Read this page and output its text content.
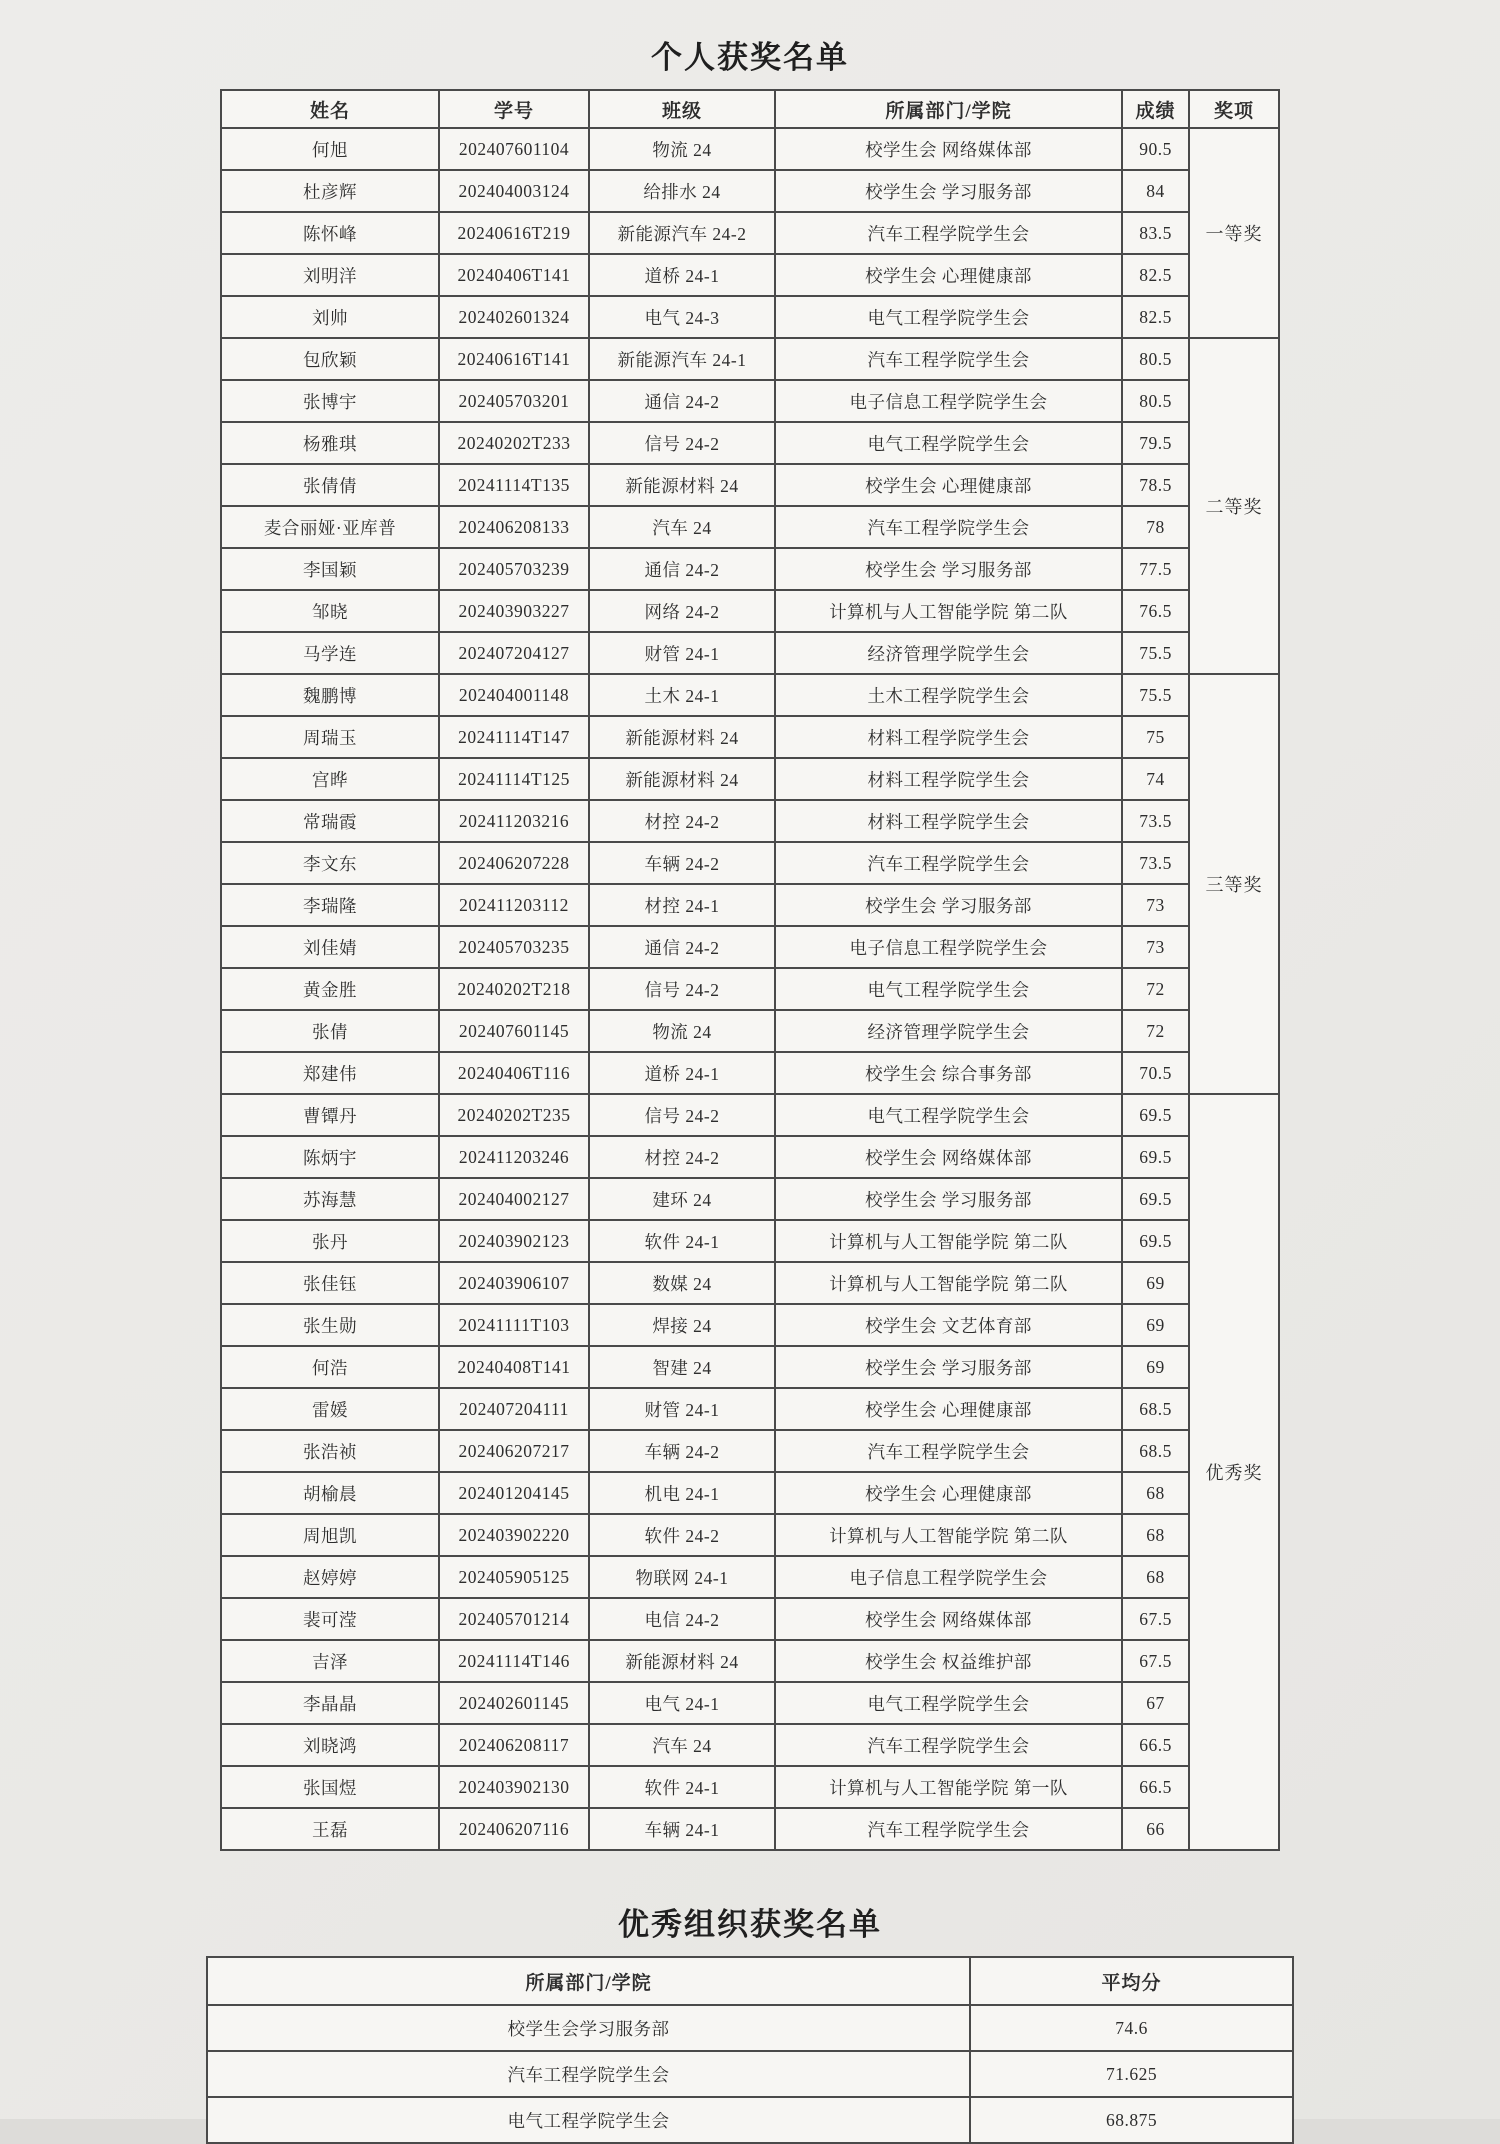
个人获奖名单
姓名	学号	班级	所属部门/学院	成绩	奖项
何旭	202407601104	物流 24	校学生会 网络媒体部	90.5	一等奖
杜彦辉	202404003124	给排水 24	校学生会 学习服务部	84	
陈怀峰	20240616T219	新能源汽车 24-2	汽车工程学院学生会	83.5	
刘明洋	20240406T141	道桥 24-1	校学生会 心理健康部	82.5	
刘帅	202402601324	电气 24-3	电气工程学院学生会	82.5	
包欣颖	20240616T141	新能源汽车 24-1	汽车工程学院学生会	80.5	二等奖
张博宇	202405703201	通信 24-2	电子信息工程学院学生会	80.5	
杨雅琪	20240202T233	信号 24-2	电气工程学院学生会	79.5	
张倩倩	20241114T135	新能源材料 24	校学生会 心理健康部	78.5	
麦合丽娅·亚库普	202406208133	汽车 24	汽车工程学院学生会	78	
李国颖	202405703239	通信 24-2	校学生会 学习服务部	77.5	
邹晓	202403903227	网络 24-2	计算机与人工智能学院 第二队	76.5	
马学连	202407204127	财管 24-1	经济管理学院学生会	75.5	
魏鹏博	202404001148	土木 24-1	土木工程学院学生会	75.5	三等奖
周瑞玉	20241114T147	新能源材料 24	材料工程学院学生会	75	
宫晔	20241114T125	新能源材料 24	材料工程学院学生会	74	
常瑞霞	202411203216	材控 24-2	材料工程学院学生会	73.5	
李文东	202406207228	车辆 24-2	汽车工程学院学生会	73.5	
李瑞隆	202411203112	材控 24-1	校学生会 学习服务部	73	
刘佳婧	202405703235	通信 24-2	电子信息工程学院学生会	73	
黄金胜	20240202T218	信号 24-2	电气工程学院学生会	72	
张倩	202407601145	物流 24	经济管理学院学生会	72	
郑建伟	20240406T116	道桥 24-1	校学生会 综合事务部	70.5	
曹镡丹	20240202T235	信号 24-2	电气工程学院学生会	69.5	优秀奖
陈炳宇	202411203246	材控 24-2	校学生会 网络媒体部	69.5	
苏海慧	202404002127	建环 24	校学生会 学习服务部	69.5	
张丹	202403902123	软件 24-1	计算机与人工智能学院 第二队	69.5	
张佳钰	202403906107	数媒 24	计算机与人工智能学院 第二队	69	
张生勋	20241111T103	焊接 24	校学生会 文艺体育部	69	
何浩	20240408T141	智建 24	校学生会 学习服务部	69	
雷媛	202407204111	财管 24-1	校学生会 心理健康部	68.5	
张浩祯	202406207217	车辆 24-2	汽车工程学院学生会	68.5	
胡榆晨	202401204145	机电 24-1	校学生会 心理健康部	68	
周旭凯	202403902220	软件 24-2	计算机与人工智能学院 第二队	68	
赵婷婷	202405905125	物联网 24-1	电子信息工程学院学生会	68	
裴可滢	202405701214	电信 24-2	校学生会 网络媒体部	67.5	
吉泽	20241114T146	新能源材料 24	校学生会 权益维护部	67.5	
李晶晶	202402601145	电气 24-1	电气工程学院学生会	67	
刘晓鸿	202406208117	汽车 24	汽车工程学院学生会	66.5	
张国煜	202403902130	软件 24-1	计算机与人工智能学院 第一队	66.5	
王磊	202406207116	车辆 24-1	汽车工程学院学生会	66	
优秀组织获奖名单
所属部门/学院	平均分
校学生会学习服务部	74.6
汽车工程学院学生会	71.625
电气工程学院学生会	68.875
